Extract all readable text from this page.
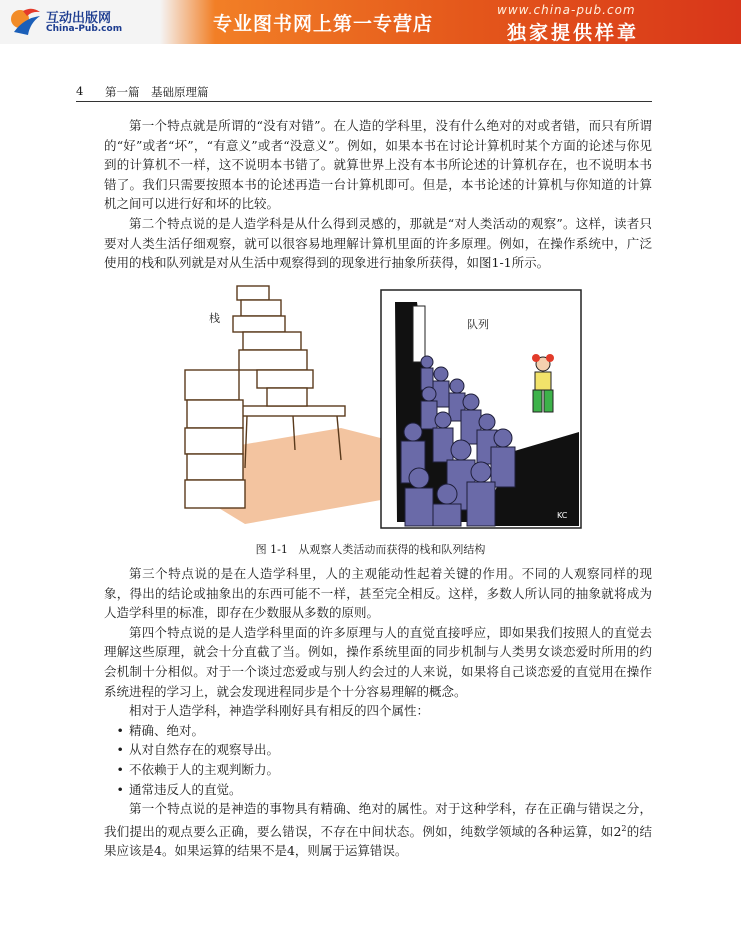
互动出版网
China-Pub.com	专业图书网上第一专营店
www.china-pub.com
独家提供样章
4 第一篇 基础原理篇

第一个特点就是所谓的“没有对错”。在人造的学科里，没有什么绝对的对或者错，而只有所谓的“好”或者“坏”，“有意义”或者“没意义”。例如，如果本书在讨论计算机时某个方面的论述与你见到的计算机不一样，这不说明本书错了。就算世界上没有本书所论述的计算机存在，也不说明本书错了。我们只需要按照本书的论述再造一台计算机即可。但是，本书论述的计算机与你知道的计算机之间可以进行好和坏的比较。

第二个特点说的是人造学科是从什么得到灵感的，那就是“对人类活动的观察”。这样，读者只要对人类生活仔细观察，就可以很容易地理解计算机里面的许多原理。例如，在操作系统中，广泛使用的栈和队列就是对从生活中观察得到的现象进行抽象所获得，如图1-1所示。

栈	队列
KC
图 1-1 从观察人类活动而获得的栈和队列结构

第三个特点说的是在人造学科里，人的主观能动性起着关键的作用。不同的人观察同样的现象，得出的结论或抽象出的东西可能不一样，甚至完全相反。这样，多数人所认同的抽象就将成为人造学科里的标准，即存在少数服从多数的原则。

第四个特点说的是人造学科里面的许多原理与人的直觉直接呼应，即如果我们按照人的直觉去理解这些原理，就会十分直截了当。例如，操作系统里面的同步机制与人类男女谈恋爱时所用的约会机制十分相似。对于一个谈过恋爱或与别人约会过的人来说，如果将自己谈恋爱的直觉用在操作系统进程的学习上，就会发现进程同步是个十分容易理解的概念。

相对于人造学科，神造学科刚好具有相反的四个属性：

• 精确、绝对。
• 从对自然存在的观察导出。
• 不依赖于人的主观判断力。
• 通常违反人的直觉。

第一个特点说的是神造的事物具有精确、绝对的属性。对于这种学科，存在正确与错误之分，我们提出的观点要么正确，要么错误，不存在中间状态。例如，纯数学领域的各种运算，如$2^2$的结果应该是4。如果运算的结果不是4，则属于运算错误。
